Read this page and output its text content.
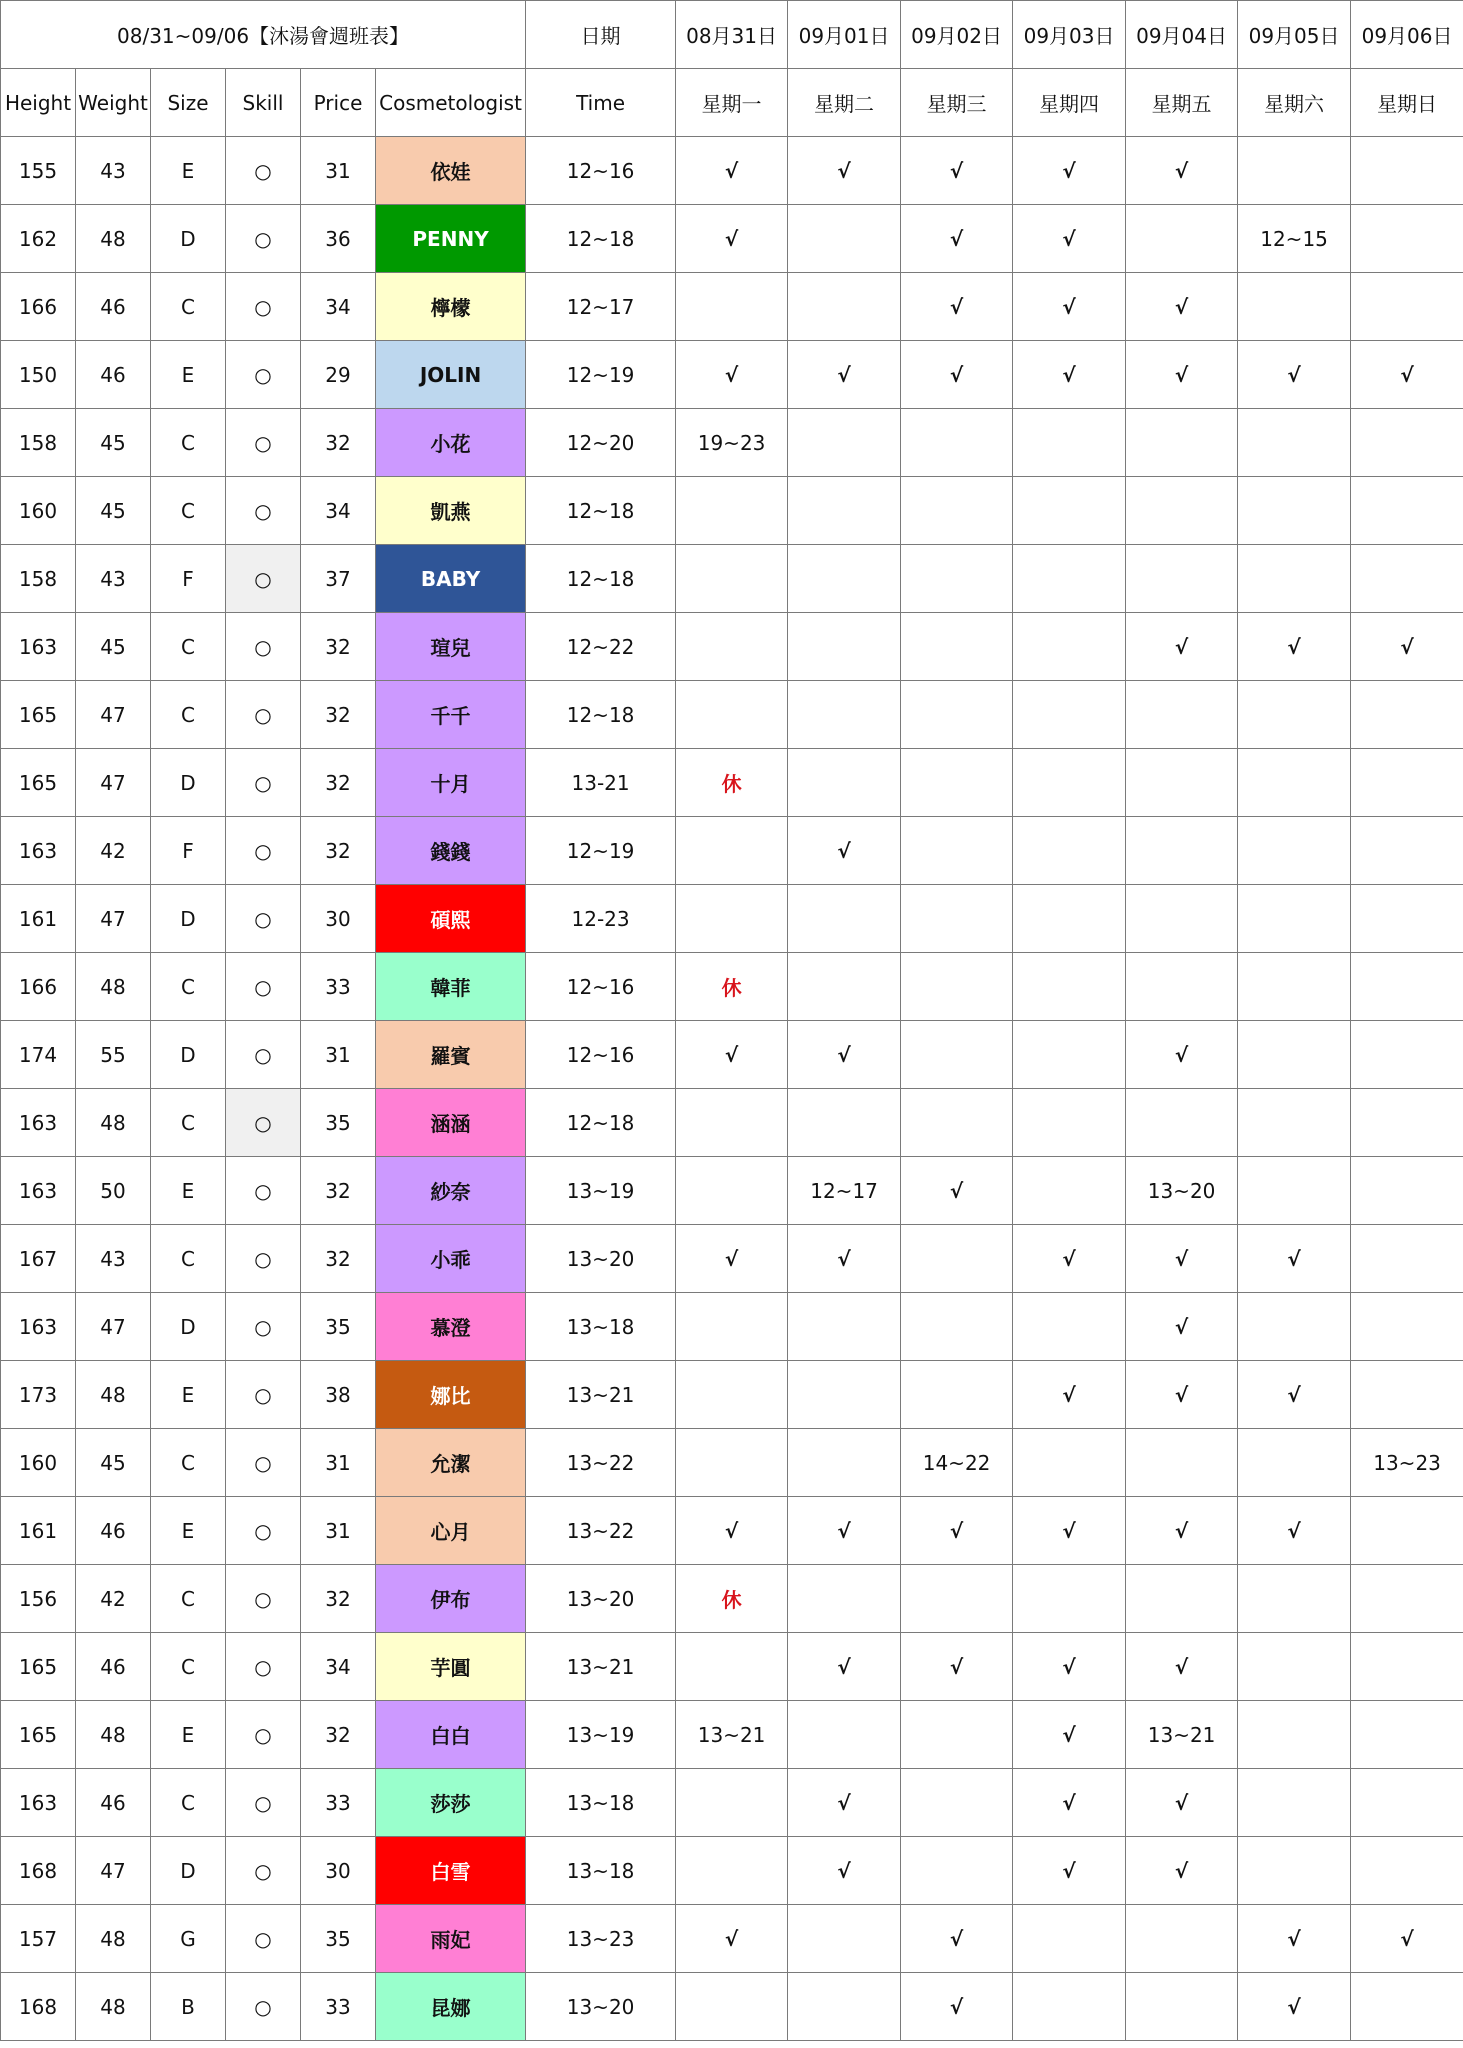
08/31~09/06【沐湯會週班表】						日期	08月31日	09月01日	09月02日	09月03日	09月04日	09月05日	09月06日
Height	Weight	Size	Skill	Price	Cosmetologist	Time	星期一	星期二	星期三	星期四	星期五	星期六	星期日
155	43	E	○	31	依娃	12~16	√	√	√	√	√		
162	48	D	○	36	PENNY	12~18	√		√	√		12~15	
166	46	C	○	34	檸檬	12~17			√	√	√		
150	46	E	○	29	JOLIN	12~19	√	√	√	√	√	√	√
158	45	C	○	32	小花	12~20	19~23						
160	45	C	○	34	凱燕	12~18							
158	43	F	○	37	BABY	12~18							
163	45	C	○	32	瑄兒	12~22					√	√	√
165	47	C	○	32	千千	12~18							
165	47	D	○	32	十月	13-21	休						
163	42	F	○	32	錢錢	12~19		√					
161	47	D	○	30	碩熙	12-23							
166	48	C	○	33	韓菲	12~16	休						
174	55	D	○	31	羅賓	12~16	√	√			√		
163	48	C	○	35	涵涵	12~18							
163	50	E	○	32	紗奈	13~19		12~17	√		13~20		
167	43	C	○	32	小乖	13~20	√	√		√	√	√	
163	47	D	○	35	慕澄	13~18					√		
173	48	E	○	38	娜比	13~21				√	√	√	
160	45	C	○	31	允潔	13~22			14~22				13~23
161	46	E	○	31	心月	13~22	√	√	√	√	√	√	
156	42	C	○	32	伊布	13~20	休						
165	46	C	○	34	芋圓	13~21		√	√	√	√		
165	48	E	○	32	白白	13~19	13~21			√	13~21		
163	46	C	○	33	莎莎	13~18		√		√	√		
168	47	D	○	30	白雪	13~18		√		√	√		
157	48	G	○	35	雨妃	13~23	√		√			√	√
168	48	B	○	33	昆娜	13~20			√			√	
